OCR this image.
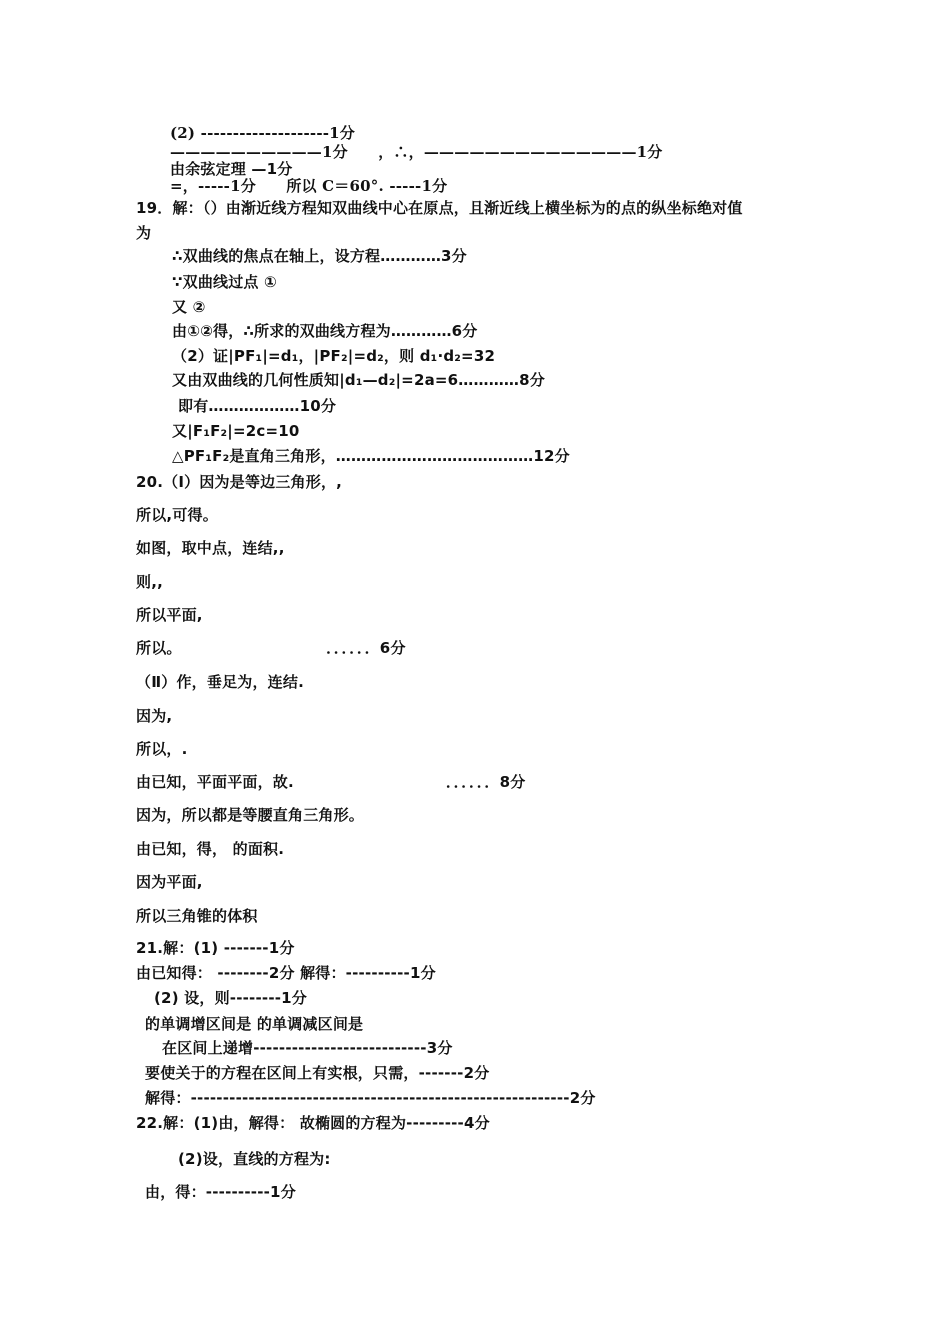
(2) --------------------1分
——————————1分　　，∴，——————————————1分
由余弦定理 —1分
=，-----1分　　所以 C＝60°. -----1分
19．解：（）由渐近线方程知双曲线中心在原点，且渐近线上横坐标为的点的纵坐标绝对值
为
∴双曲线的焦点在轴上，设方程…………3分
∵双曲线过点 ①
又 ②
由①②得，∴所求的双曲线方程为…………6分
（2）证|PF₁|=d₁，|PF₂|=d₂，则 d₁·d₂=32
又由双曲线的几何性质知|d₁—d₂|=2a=6…………8分
即有………………10分
又|F₁F₂|=2c=10
△PF₁F₂是直角三角形，…………………………………12分
20.（Ⅰ）因为是等边三角形，,
所以,可得。
如图，取中点，连结,,
则,,
所以平面,
所以。　　　　　　　　　　．．．．．．6分
（Ⅱ）作，垂足为，连结.
因为,
所以，.
由已知，平面平面，故.　　　　　　　　　　．．．．．．8分
因为，所以都是等腰直角三角形。
由已知，得， 的面积.
因为平面,
所以三角锥的体积
21.解：(1) -------1分
由已知得： --------2分 解得：----------1分
(2) 设，则--------1分
的单调增区间是 的单调减区间是
在区间上递增---------------------------3分
要使关于的方程在区间上有实根，只需，-------2分
解得：-----------------------------------------------------------2分
22.解：(1)由，解得： 故椭圆的方程为---------4分
(2)设，直线的方程为:
由，得：----------1分
